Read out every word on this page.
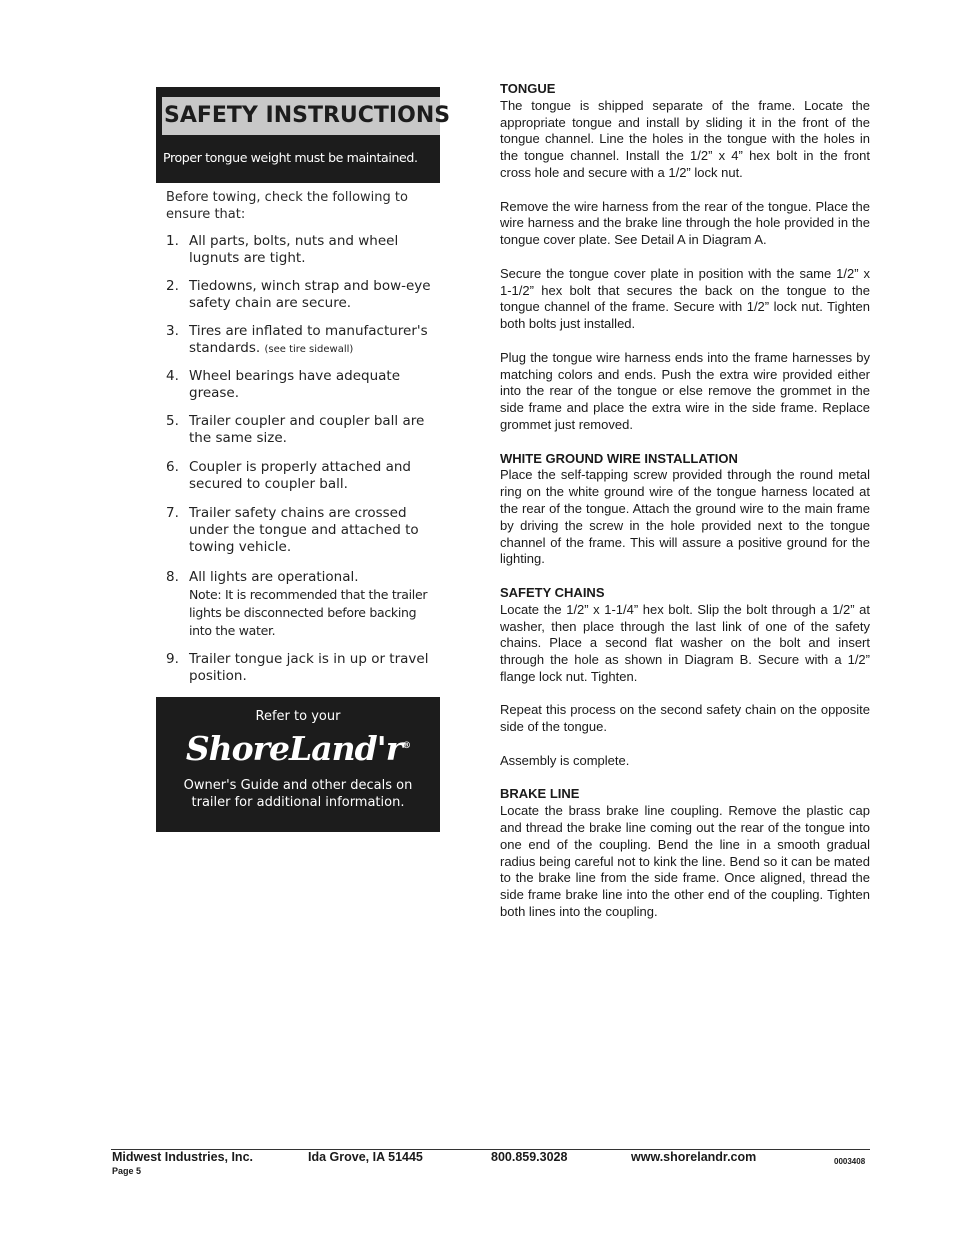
SAFETY INSTRUCTIONS
Proper tongue weight must be maintained.
Before towing, check the following to ensure that:
1. All parts, bolts, nuts and wheel lugnuts are tight.
2. Tiedowns, winch strap and bow-eye safety chain are secure.
3. Tires are inflated to manufacturer's standards. (see tire sidewall)
4. Wheel bearings have adequate grease.
5. Trailer coupler and coupler ball are the same size.
6. Coupler is properly attached and secured to coupler ball.
7. Trailer safety chains are crossed under the tongue and attached to towing vehicle.
8. All lights are operational.
Note: It is recommended that the trailer lights be disconnected before backing into the water.
9. Trailer tongue jack is in up or travel position.
Refer to your
ShoreLand'r®
Owner's Guide and other decals on trailer for additional information.
TONGUE

The tongue is shipped separate of the frame. Locate the appropriate tongue and install by sliding it in the front of the tongue channel. Line the holes in the tongue with the holes in the tongue channel. Install the 1/2” x 4” hex bolt in the front cross hole and secure with a 1/2” lock nut.

Remove the wire harness from the rear of the tongue. Place the wire harness and the brake line through the hole provided in the tongue cover plate. See Detail A in Diagram A.

Secure the tongue cover plate in position with the same 1/2” x 1-1/2” hex bolt that secures the back on the tongue to the tongue channel of the frame. Secure with 1/2” lock nut. Tighten both bolts just installed.

Plug the tongue wire harness ends into the frame harnesses by matching colors and ends. Push the extra wire provided either into the rear of the tongue or else remove the grommet in the side frame and place the extra wire in the side frame. Replace grommet just removed.

WHITE GROUND WIRE INSTALLATION

Place the self-tapping screw provided through the round metal ring on the white ground wire of the tongue harness located at the rear of the tongue. Attach the ground wire to the main frame by driving the screw in the hole provided next to the tongue channel of the frame. This will assure a positive ground for the lighting.

SAFETY CHAINS

Locate the 1/2” x 1-1/4” hex bolt. Slip the bolt through a 1/2” at washer, then place through the last link of one of the safety chains. Place a second flat washer on the bolt and insert through the hole as shown in Diagram B. Secure with a 1/2” flange lock nut. Tighten.

Repeat this process on the second safety chain on the opposite side of the tongue.

Assembly is complete.

BRAKE LINE

Locate the brass brake line coupling. Remove the plastic cap and thread the brake line coming out the rear of the tongue into one end of the coupling. Bend the line in a smooth gradual radius being careful not to kink the line. Bend so it can be mated to the brake line from the side frame. Once aligned, thread the side frame brake line into the other end of the coupling. Tighten both lines into the coupling.

Midwest Industries, Inc.	Ida Grove, IA 51445	800.859.3028	www.shorelandr.com	0003408
Page 5
